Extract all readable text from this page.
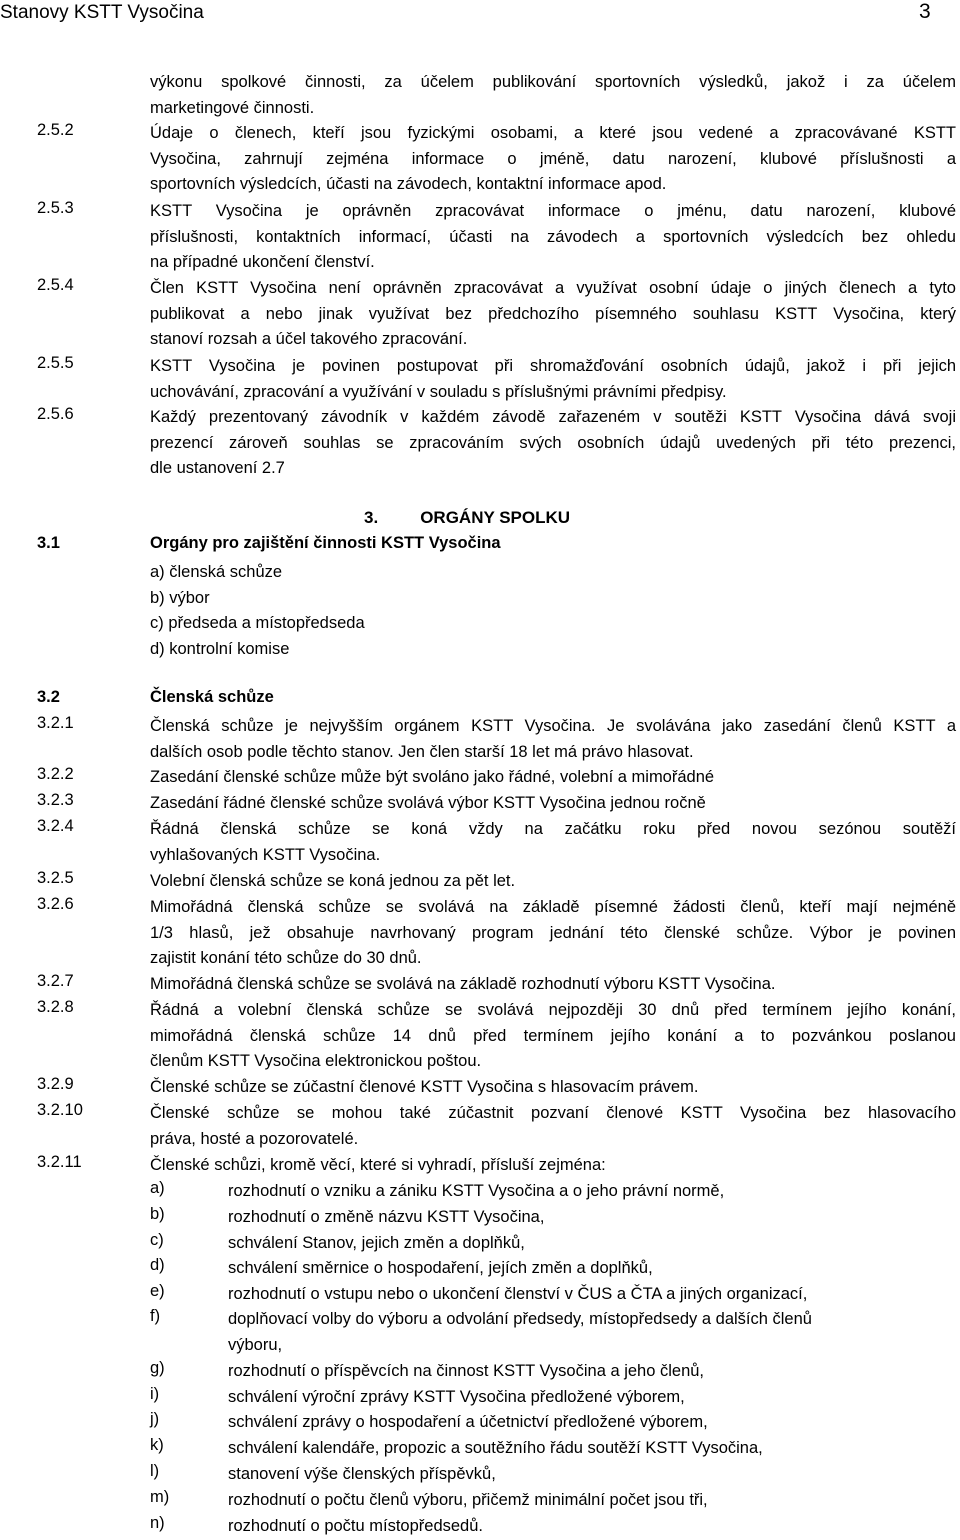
Stanovy KSTT Vysočina	3
výkonu spolkové činnosti, za účelem publikování sportovních výsledků, jakož i za účelem
marketingové činnosti.
2.5.2	Údaje o členech, kteří jsou fyzickými osobami, a které jsou vedené a zpracovávané KSTT
Vysočina, zahrnují zejména informace o jméně, datu narození, klubové příslušnosti a
sportovních výsledcích, účasti na závodech, kontaktní informace apod.
2.5.3	KSTT Vysočina je oprávněn zpracovávat informace o jménu, datu narození, klubové
příslušnosti, kontaktních informací, účasti na závodech a sportovních výsledcích bez ohledu
na případné ukončení členství.
2.5.4	Člen KSTT Vysočina není oprávněn zpracovávat a využívat osobní údaje o jiných členech a tyto
publikovat a nebo jinak využívat bez předchozího písemného souhlasu KSTT Vysočina, který
stanoví rozsah a účel takového zpracování.
2.5.5	KSTT Vysočina je povinen postupovat při shromažďování osobních údajů, jakož i při jejich
uchovávání, zpracování a využívání v souladu s příslušnými právními předpisy.
2.5.6	Každý prezentovaný závodník v každém závodě zařazeném v soutěži KSTT Vysočina dává svoji
prezencí zároveň souhlas se zpracováním svých osobních údajů uvedených při této prezenci,
dle ustanovení 2.7
3. ORGÁNY SPOLKU
3.1	Orgány pro zajištění činnosti KSTT Vysočina
a) členská schůze
b) výbor
c) předseda a místopředseda
d) kontrolní komise
3.2	Členská schůze
3.2.1	Členská schůze je nejvyšším orgánem KSTT Vysočina. Je svolávána jako zasedání členů KSTT a
dalších osob podle těchto stanov. Jen člen starší 18 let má právo hlasovat.
3.2.2	Zasedání členské schůze může být svoláno jako řádné, volební a mimořádné
3.2.3	Zasedání řádné členské schůze svolává výbor KSTT Vysočina jednou ročně
3.2.4	Řádná členská schůze se koná vždy na začátku roku před novou sezónou soutěží
vyhlašovaných KSTT Vysočina.
3.2.5	Volební členská schůze se koná jednou za pět let.
3.2.6	Mimořádná členská schůze se svolává na základě písemné žádosti členů, kteří mají nejméně
1/3 hlasů, jež obsahuje navrhovaný program jednání této členské schůze. Výbor je povinen
zajistit konání této schůze do 30 dnů.
3.2.7	Mimořádná členská schůze se svolává na základě rozhodnutí výboru KSTT Vysočina.
3.2.8	Řádná a volební členská schůze se svolává nejpozději 30 dnů před termínem jejího konání,
mimořádná členská schůze 14 dnů před termínem jejího konání a to pozvánkou poslanou
členům KSTT Vysočina elektronickou poštou.
3.2.9	Členské schůze se zúčastní členové KSTT Vysočina s hlasovacím právem.
3.2.10	Členské schůze se mohou také zúčastnit pozvaní členové KSTT Vysočina bez hlasovacího
práva, hosté a pozorovatelé.
3.2.11	Členské schůzi, kromě věcí, které si vyhradí, přísluší zejména:
a)	rozhodnutí o vzniku a zániku KSTT Vysočina a o jeho právní normě,
b)	rozhodnutí o změně názvu KSTT Vysočina,
c)	schválení Stanov, jejich změn a doplňků,
d)	schválení směrnice o hospodaření, jejích změn a doplňků,
e)	rozhodnutí o vstupu nebo o ukončení členství v ČUS a ČTA a jiných organizací,
f)	doplňovací volby do výboru a odvolání předsedy, místopředsedy a dalších členů
výboru,
g)	rozhodnutí o příspěvcích na činnost KSTT Vysočina a jeho členů,
i)	schválení výroční zprávy KSTT Vysočina předložené výborem,
j)	schválení zprávy o hospodaření a účetnictví předložené výborem,
k)	schválení kalendáře, propozic a soutěžního řádu soutěží KSTT Vysočina,
l)	stanovení výše členských příspěvků,
m)	rozhodnutí o počtu členů výboru, přičemž minimální počet jsou tři,
n)	rozhodnutí o počtu místopředsedů.
